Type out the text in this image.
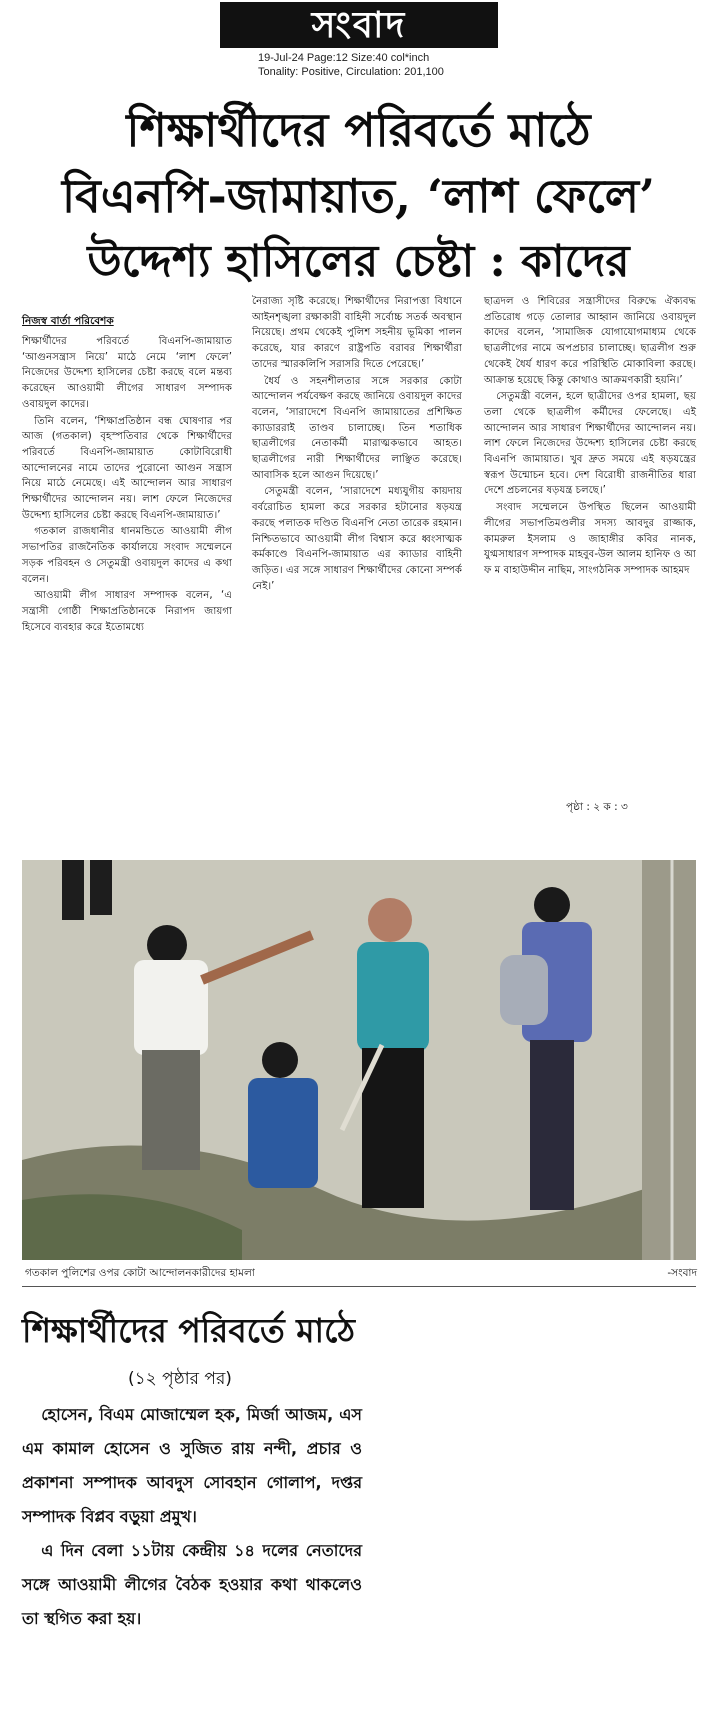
সংবাদ
19-Jul-24 Page:12 Size:40 col*inch
Tonality: Positive, Circulation: 201,100
শিক্ষার্থীদের পরিবর্তে মাঠে
বিএনপি-জামায়াত, ‘লাশ ফেলে’
উদ্দেশ্য হাসিলের চেষ্টা : কাদের
নিজস্ব বার্তা পরিবেশক

শিক্ষার্থীদের পরিবর্তে বিএনপি-জামায়াত ‘আগুনসন্ত্রাস নিয়ে’ মাঠে নেমে ‘লাশ ফেলে’ নিজেদের উদ্দেশ্য হাসিলের চেষ্টা করছে বলে মন্তব্য করেছেন আওয়ামী লীগের সাধারণ সম্পাদক ওবায়দুল কাদের।

তিনি বলেন, ‘শিক্ষাপ্রতিষ্ঠান বন্ধ ঘোষণার পর আজ (গতকাল) বৃহস্পতিবার থেকে শিক্ষার্থীদের পরিবর্তে বিএনপি-জামায়াত কোটাবিরোধী আন্দোলনের নামে তাদের পুরোনো আগুন সন্ত্রাস নিয়ে মাঠে নেমেছে। এই আন্দোলন আর সাধারণ শিক্ষার্থীদের আন্দোলন নয়। লাশ ফেলে নিজেদের উদ্দেশ্য হাসিলের চেষ্টা করছে বিএনপি-জামায়াত।’

গতকাল রাজধানীর ধানমন্ডিতে আওয়ামী লীগ সভাপতির রাজনৈতিক কার্যালয়ে সংবাদ সম্মেলনে সড়ক পরিবহন ও সেতুমন্ত্রী ওবায়দুল কাদের এ কথা বলেন।

আওয়ামী লীগ সাধারণ সম্পাদক বলেন, ‘এ সন্ত্রাসী গোষ্ঠী শিক্ষাপ্রতিষ্ঠানকে নিরাপদ জায়গা হিসেবে ব্যবহার করে ইতোমধ্যে

নৈরাজ্য সৃষ্টি করেছে। শিক্ষার্থীদের নিরাপত্তা বিধানে আইনশৃঙ্খলা রক্ষাকারী বাহিনী সর্বোচ্চ সতর্ক অবস্থান নিয়েছে। প্রথম থেকেই পুলিশ সহনীয় ভূমিকা পালন করেছে, যার কারণে রাষ্ট্রপতি বরাবর শিক্ষার্থীরা তাদের স্মারকলিপি সরাসরি দিতে পেরেছে।’

ধৈর্য ও সহনশীলতার সঙ্গে সরকার কোটা আন্দোলন পর্যবেক্ষণ করছে জানিয়ে ওবায়দুল কাদের বলেন, ‘সারাদেশে বিএনপি জামায়াতের প্রশিক্ষিত ক্যাডাররাই তাণ্ডব চালাচ্ছে। তিন শতাধিক ছাত্রলীগের নেতাকর্মী মারাত্মকভাবে আহত। ছাত্রলীগের নারী শিক্ষার্থীদের লাঞ্ছিত করেছে। আবাসিক হলে আগুন দিয়েছে।’

সেতুমন্ত্রী বলেন, ‘সারাদেশে মধ্যযুগীয় কায়দায় বর্বরোচিত হামলা করে সরকার হটানোর ষড়যন্ত্র করছে পলাতক দণ্ডিত বিএনপি নেতা তারেক রহমান। নিশ্চিতভাবে আওয়ামী লীগ বিশ্বাস করে ধ্বংসাত্মক কর্মকাণ্ডে বিএনপি-জামায়াত এর ক্যাডার বাহিনী জড়িত। এর সঙ্গে সাধারণ শিক্ষার্থীদের কোনো সম্পর্ক নেই।’

ছাত্রদল ও শিবিরের সন্ত্রাসীদের বিরুদ্ধে ঐক্যবদ্ধ প্রতিরোধ গড়ে তোলার আহ্বান জানিয়ে ওবায়দুল কাদের বলেন, ‘সামাজিক যোগাযোগমাধ্যম থেকে ছাত্রলীগের নামে অপপ্রচার চালাচ্ছে। ছাত্রলীগ শুরু থেকেই ধৈর্য ধারণ করে পরিস্থিতি মোকাবিলা করছে। আক্রান্ত হয়েছে কিন্তু কোথাও আক্রমণকারী হয়নি।’

সেতুমন্ত্রী বলেন, হলে ছাত্রীদের ওপর হামলা, ছয় তলা থেকে ছাত্রলীগ কর্মীদের ফেলেছে। এই আন্দোলন আর সাধারণ শিক্ষার্থীদের আন্দোলন নয়। লাশ ফেলে নিজেদের উদ্দেশ্য হাসিলের চেষ্টা করছে বিএনপি জামায়াত। খুব দ্রুত সময়ে এই ষড়যন্ত্রের স্বরূপ উন্মোচন হবে। দেশ বিরোধী রাজনীতির ধারা দেশে প্রচলনের ষড়যন্ত্র চলছে।’

সংবাদ সম্মেলনে উপস্থিত ছিলেন আওয়ামী লীগের সভাপতিমণ্ডলীর সদস্য আবদুর রাজ্জাক, কামরুল ইসলাম ও জাহাঙ্গীর কবির নানক, যুগ্মসাধারণ সম্পাদক মাহবুব-উল আলম হানিফ ও আ ফ ম বাহাউদ্দীন নাছিম, সাংগঠনিক সম্পাদক আহমদ

পৃষ্ঠা : ২ ক : ৩
গতকাল পুলিশের ওপর কোটা আন্দোলনকারীদের হামলা	-সংবাদ
শিক্ষার্থীদের পরিবর্তে মাঠে
(১২ পৃষ্ঠার পর)

হোসেন, বিএম মোজাম্মেল হক, মির্জা আজম, এস এম কামাল হোসেন ও সুজিত রায় নন্দী, প্রচার ও প্রকাশনা সম্পাদক আবদুস সোবহান গোলাপ, দপ্তর সম্পাদক বিপ্লব বড়ুয়া প্রমুখ।

এ দিন বেলা ১১টায় কেন্দ্রীয় ১৪ দলের নেতাদের সঙ্গে আওয়ামী লীগের বৈঠক হওয়ার কথা থাকলেও তা স্থগিত করা হয়।
